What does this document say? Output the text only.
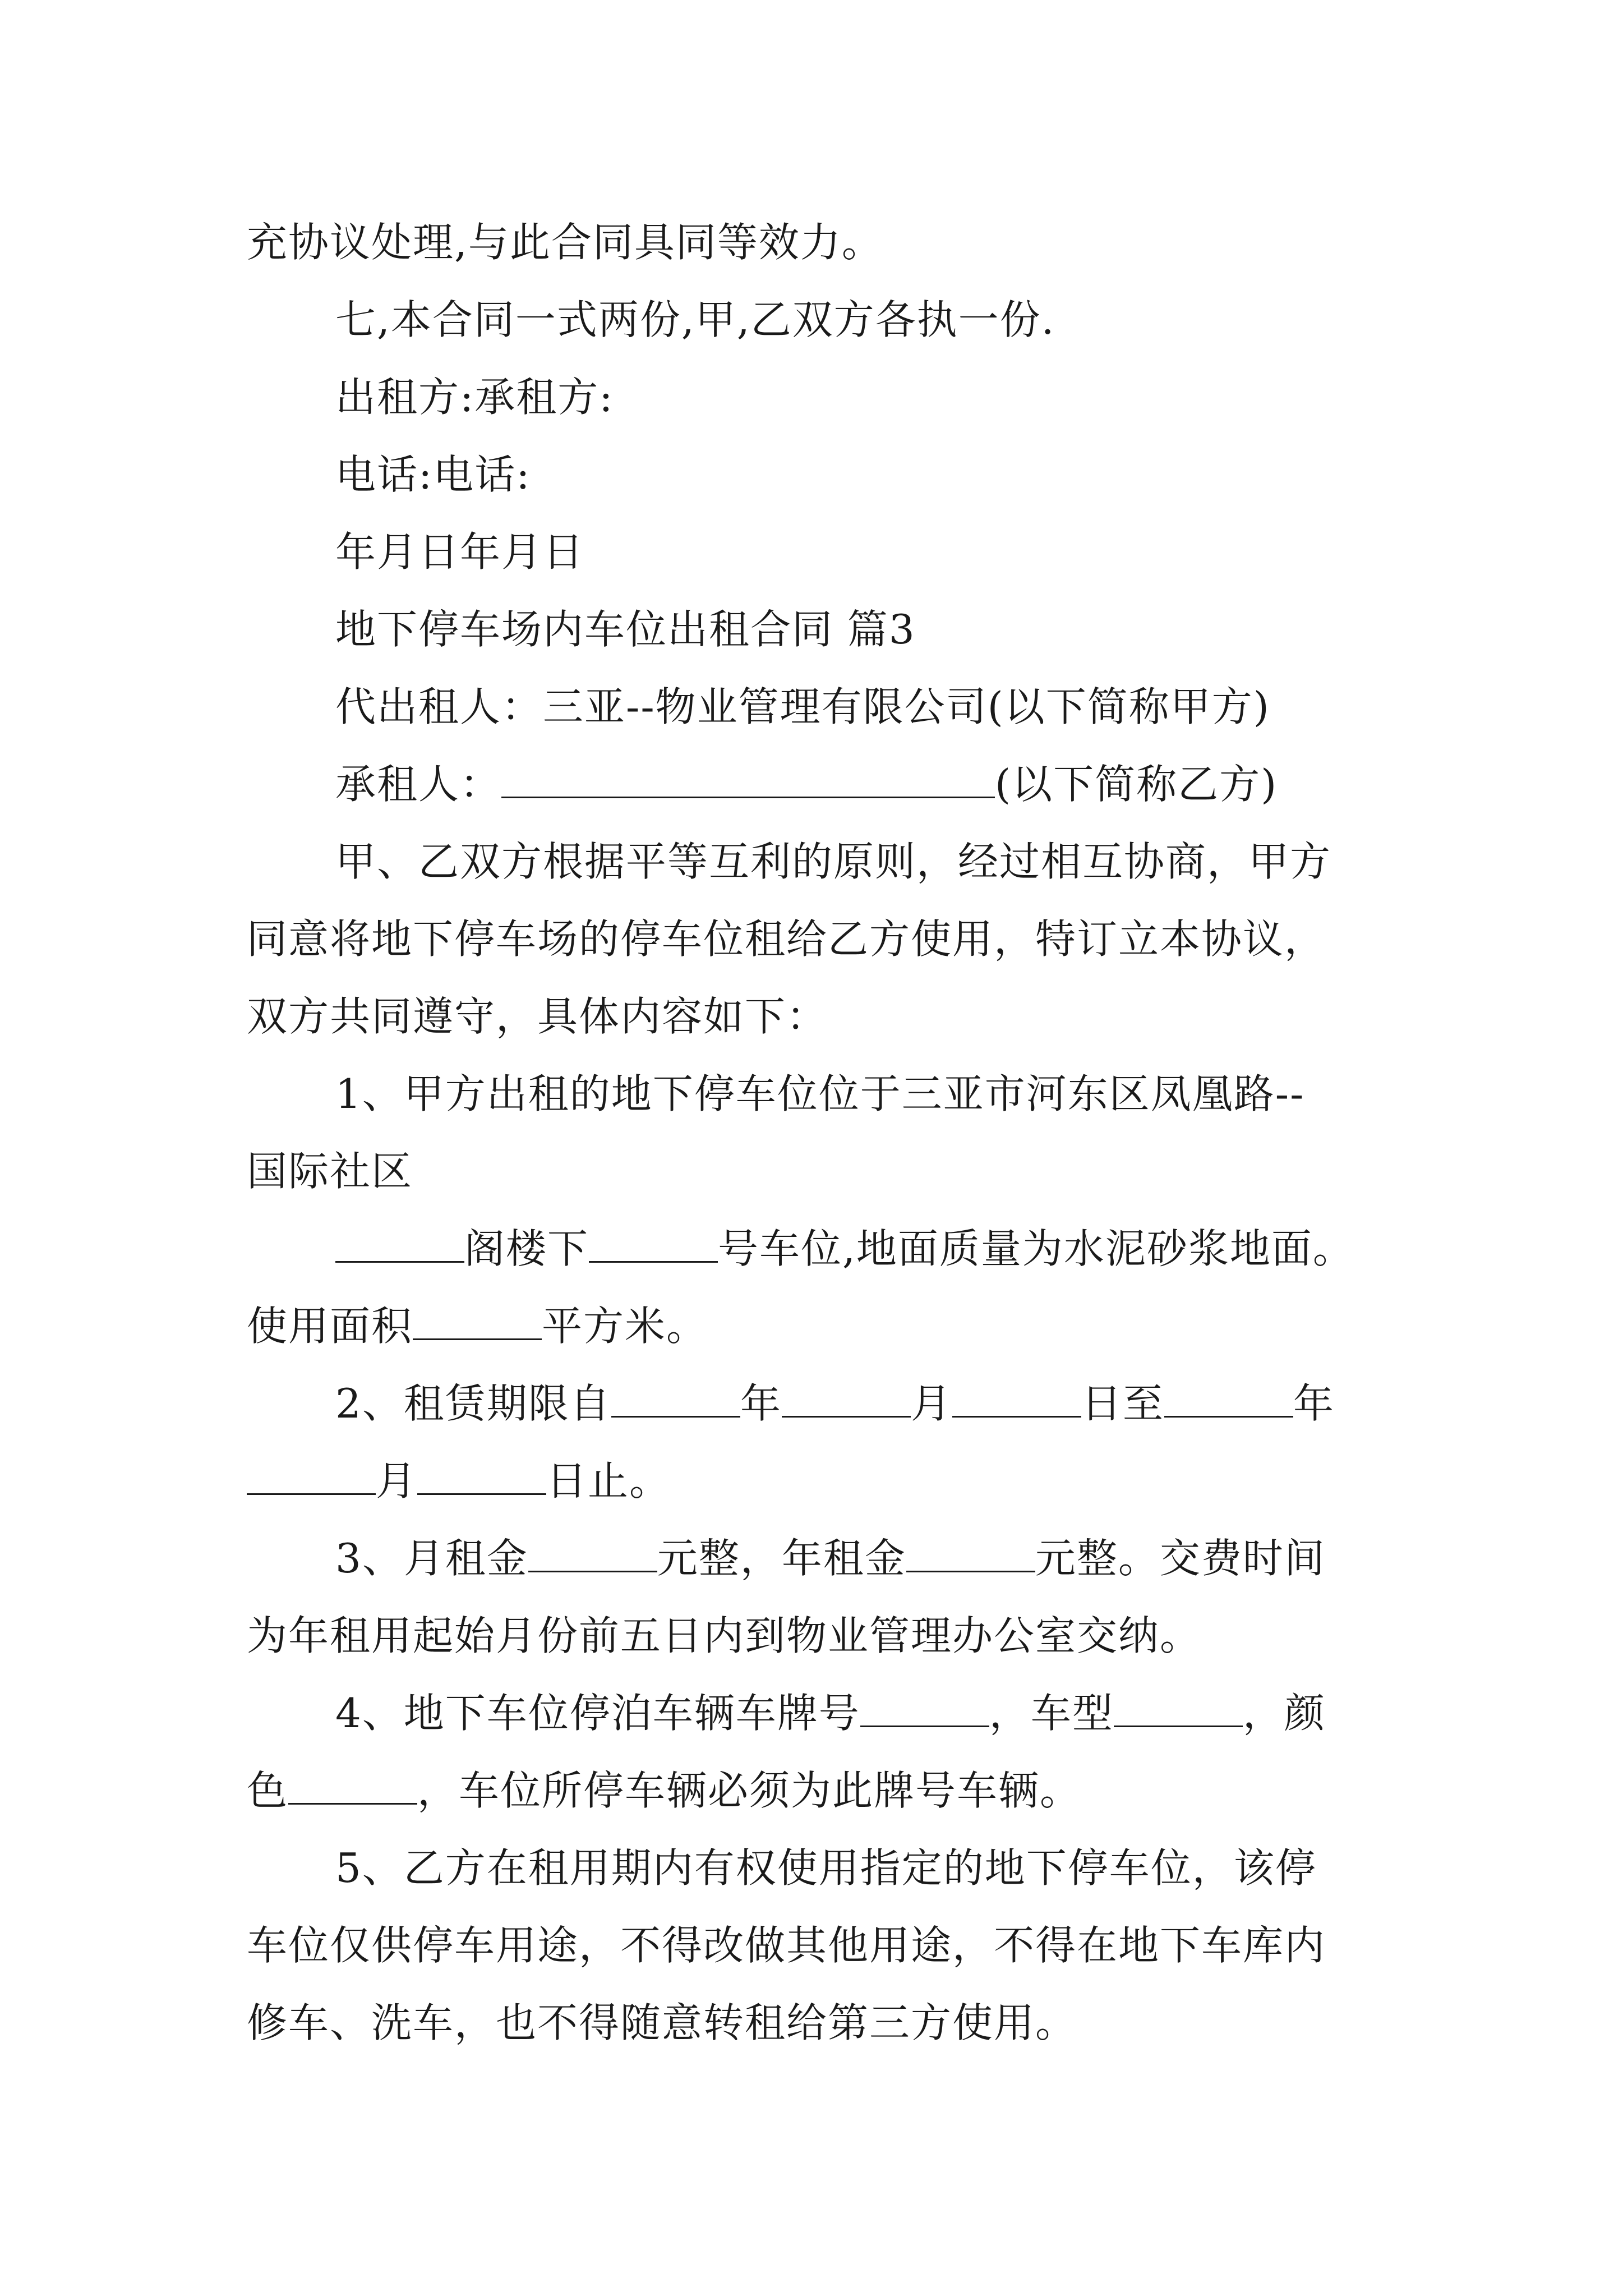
充协议处理,与此合同具同等效力。
七,本合同一式两份,甲,乙双方各执一份.
出租方:承租方:
电话:电话:
年月日年月日
地下停车场内车位出租合同 篇3
代出租人：三亚--物业管理有限公司(以下简称甲方)
承租人：	(以下简称乙方)
甲、乙双方根据平等互利的原则，经过相互协商，甲方
同意将地下停车场的停车位租给乙方使用，特订立本协议，
双方共同遵守，具体内容如下：
1、甲方出租的地下停车位位于三亚市河东区凤凰路--
国际社区
阁楼下	号车位,地面质量为水泥砂浆地面。
使用面积	平方米。
2、租赁期限自	年	月	日至	年
月	日止。
3、月租金	元整，年租金	元整。交费时间
为年租用起始月份前五日内到物业管理办公室交纳。
4、地下车位停泊车辆车牌号	，车型	，颜
色	，车位所停车辆必须为此牌号车辆。
5、乙方在租用期内有权使用指定的地下停车位，该停
车位仅供停车用途，不得改做其他用途，不得在地下车库内
修车、洗车，也不得随意转租给第三方使用。
